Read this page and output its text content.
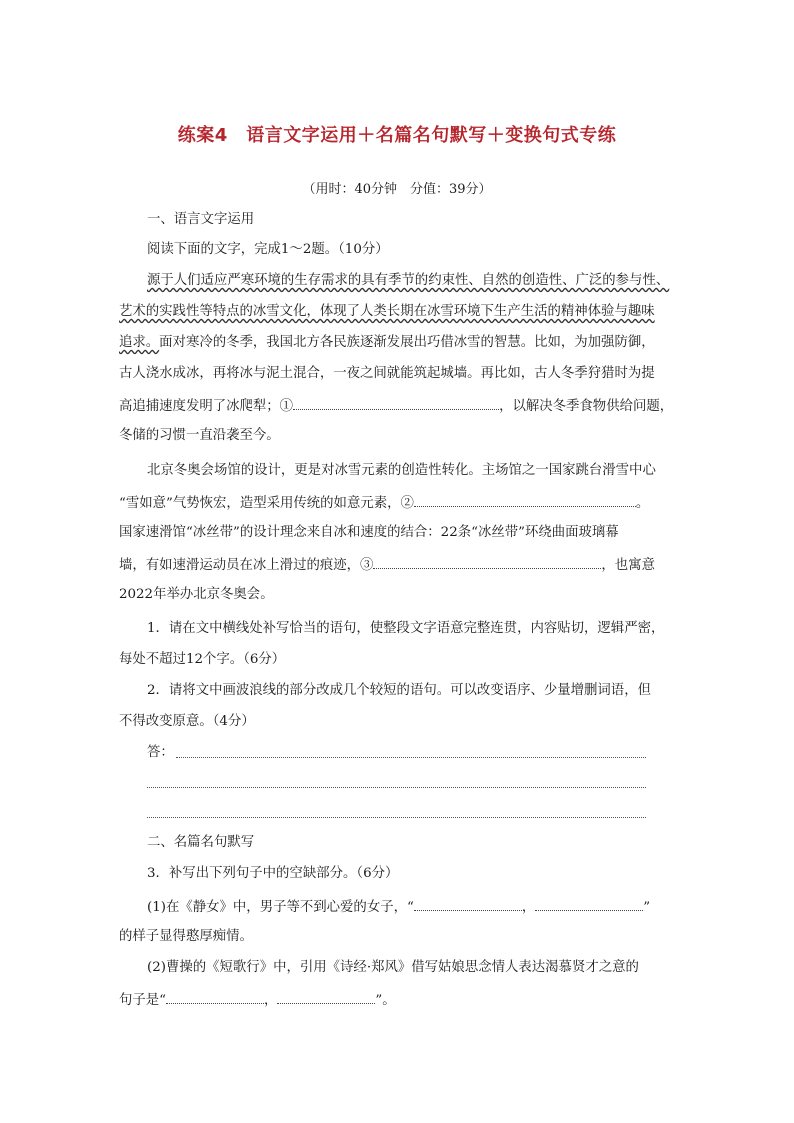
练案4　语言文字运用＋名篇名句默写＋变换句式专练
（用时：40分钟　分值：39分）
一、语言文字运用
阅读下面的文字，完成1～2题。（10分）
源于人们适应严寒环境的生存需求的具有季节的约束性、自然的创造性、广泛的参与性、
艺术的实践性等特点的冰雪文化，体现了人类长期在冰雪环境下生产生活的精神体验与趣味
追求。面对寒冷的冬季，我国北方各民族逐渐发展出巧借冰雪的智慧。比如，为加强防御，
古人浇水成冰，再将冰与泥土混合，一夜之间就能筑起城墙。再比如，古人冬季狩猎时为提
高追捕速度发明了冰爬犁；①	，以解决冬季食物供给问题，
冬储的习惯一直沿袭至今。
北京冬奥会场馆的设计，更是对冰雪元素的创造性转化。主场馆之一国家跳台滑雪中心
“雪如意”气势恢宏，造型采用传统的如意元素，②	。
国家速滑馆“冰丝带”的设计理念来自冰和速度的结合：22条“冰丝带”环绕曲面玻璃幕
墙，有如速滑运动员在冰上滑过的痕迹，③	，也寓意
2022年举办北京冬奥会。
1．请在文中横线处补写恰当的语句，使整段文字语意完整连贯，内容贴切，逻辑严密，
每处不超过12个字。（6分）
2．请将文中画波浪线的部分改成几个较短的语句。可以改变语序、少量增删词语，但
不得改变原意。（4分）
答：
二、名篇名句默写
3．补写出下列句子中的空缺部分。（6分）
(1)在《静女》中，男子等不到心爱的女子，“	，	”
的样子显得憨厚痴情。
(2)曹操的《短歌行》中，引用《诗经·郑风》借写姑娘思念情人表达渴慕贤才之意的
句子是“	，	”。
